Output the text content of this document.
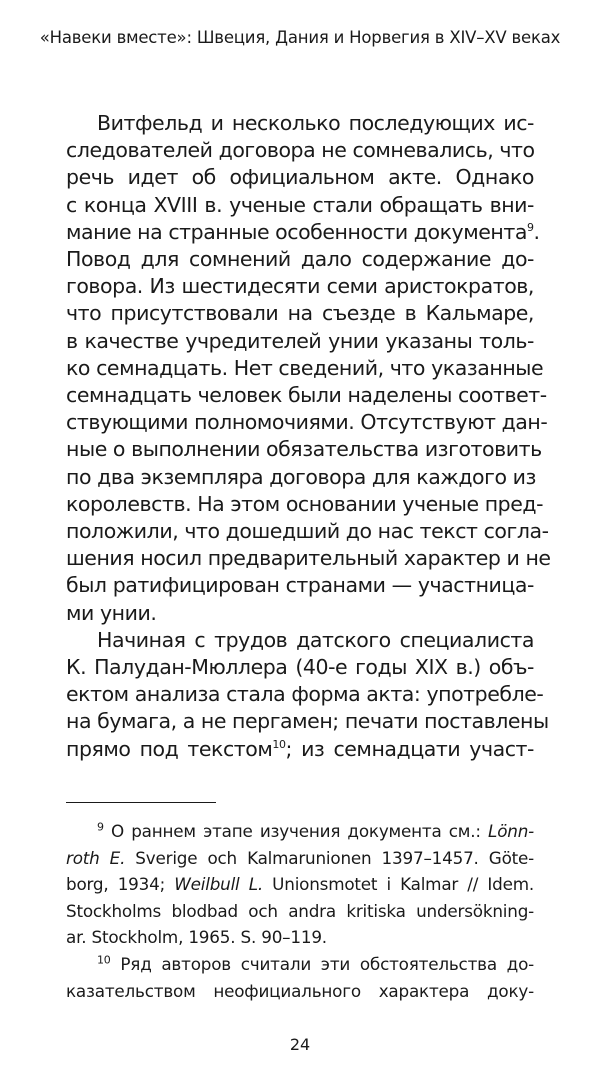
«Навеки вместе»: Швеция, Дания и Норвегия в XIV–XV веках
Витфельд и несколько последующих ис-
следователей договора не сомневались, что
речь идет об официальном акте. Однако
с конца XVIII в. ученые стали обращать вни-
мание на странные особенности документа$^9$.
Повод для сомнений дало содержание до-
говора. Из шестидесяти семи аристократов,
что присутствовали на съезде в Кальмаре,
в качестве учредителей унии указаны толь-
ко семнадцать. Нет сведений, что указанные
семнадцать человек были наделены соответ-
ствующими полномочиями. Отсутствуют дан-
ные о выполнении обязательства изготовить
по два экземпляра договора для каждого из
королевств. На этом основании ученые пред-
положили, что дошедший до нас текст согла-
шения носил предварительный характер и не
был ратифицирован странами — участница-
ми унии.
Начиная с трудов датского специалиста
К. Палудан-Мюллера (40-е годы XIX в.) объ-
ектом анализа стала форма акта: употребле-
на бумага, а не пергамен; печати поставлены
прямо под текстом$^{10}$; из семнадцати участ-
$^9$ О раннем этапе изучения документа см.: Lönn-
roth E. Sverige och Kalmarunionen 1397–1457. Göte-
borg, 1934; Weilbull L. Unionsmotet i Kalmar // Idem.
Stockholms blodbad och andra kritiska undersökning-
ar. Stockholm, 1965. S. 90–119.
$^{10}$ Ряд авторов считали эти обстоятельства до-
казательством неофициального характера доку-
24
